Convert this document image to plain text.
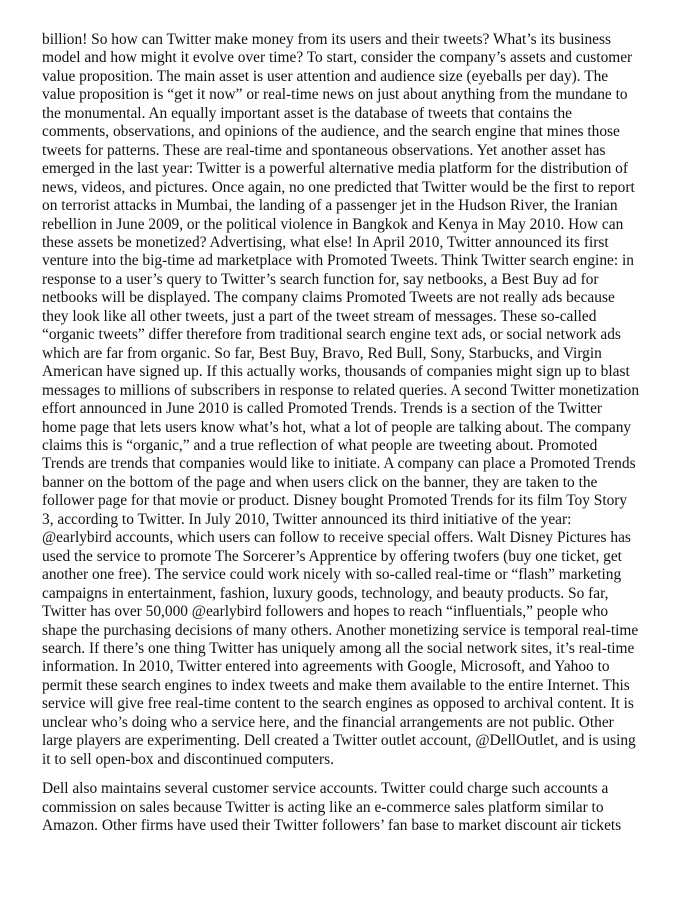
billion! So how can Twitter make money from its users and their tweets? What’s its business
model and how might it evolve over time? To start, consider the company’s assets and customer
value proposition. The main asset is user attention and audience size (eyeballs per day). The
value proposition is “get it now” or real-time news on just about anything from the mundane to
the monumental. An equally important asset is the database of tweets that contains the
comments, observations, and opinions of the audience, and the search engine that mines those
tweets for patterns. These are real-time and spontaneous observations. Yet another asset has
emerged in the last year: Twitter is a powerful alternative media platform for the distribution of
news, videos, and pictures. Once again, no one predicted that Twitter would be the first to report
on terrorist attacks in Mumbai, the landing of a passenger jet in the Hudson River, the Iranian
rebellion in June 2009, or the political violence in Bangkok and Kenya in May 2010. How can
these assets be monetized? Advertising, what else! In April 2010, Twitter announced its first
venture into the big-time ad marketplace with Promoted Tweets. Think Twitter search engine: in
response to a user’s query to Twitter’s search function for, say netbooks, a Best Buy ad for
netbooks will be displayed. The company claims Promoted Tweets are not really ads because
they look like all other tweets, just a part of the tweet stream of messages. These so-called
“organic tweets” differ therefore from traditional search engine text ads, or social network ads
which are far from organic. So far, Best Buy, Bravo, Red Bull, Sony, Starbucks, and Virgin
American have signed up. If this actually works, thousands of companies might sign up to blast
messages to millions of subscribers in response to related queries. A second Twitter monetization
effort announced in June 2010 is called Promoted Trends. Trends is a section of the Twitter
home page that lets users know what’s hot, what a lot of people are talking about. The company
claims this is “organic,” and a true reflection of what people are tweeting about. Promoted
Trends are trends that companies would like to initiate. A company can place a Promoted Trends
banner on the bottom of the page and when users click on the banner, they are taken to the
follower page for that movie or product. Disney bought Promoted Trends for its film Toy Story
3, according to Twitter. In July 2010, Twitter announced its third initiative of the year:
@earlybird accounts, which users can follow to receive special offers. Walt Disney Pictures has
used the service to promote The Sorcerer’s Apprentice by offering twofers (buy one ticket, get
another one free). The service could work nicely with so-called real-time or “flash” marketing
campaigns in entertainment, fashion, luxury goods, technology, and beauty products. So far,
Twitter has over 50,000 @earlybird followers and hopes to reach “influentials,” people who
shape the purchasing decisions of many others. Another monetizing service is temporal real-time
search. If there’s one thing Twitter has uniquely among all the social network sites, it’s real-time
information. In 2010, Twitter entered into agreements with Google, Microsoft, and Yahoo to
permit these search engines to index tweets and make them available to the entire Internet. This
service will give free real-time content to the search engines as opposed to archival content. It is
unclear who’s doing who a service here, and the financial arrangements are not public. Other
large players are experimenting. Dell created a Twitter outlet account, @DellOutlet, and is using
it to sell open-box and discontinued computers.

Dell also maintains several customer service accounts. Twitter could charge such accounts a
commission on sales because Twitter is acting like an e-commerce sales platform similar to
Amazon. Other firms have used their Twitter followers’ fan base to market discount air tickets
